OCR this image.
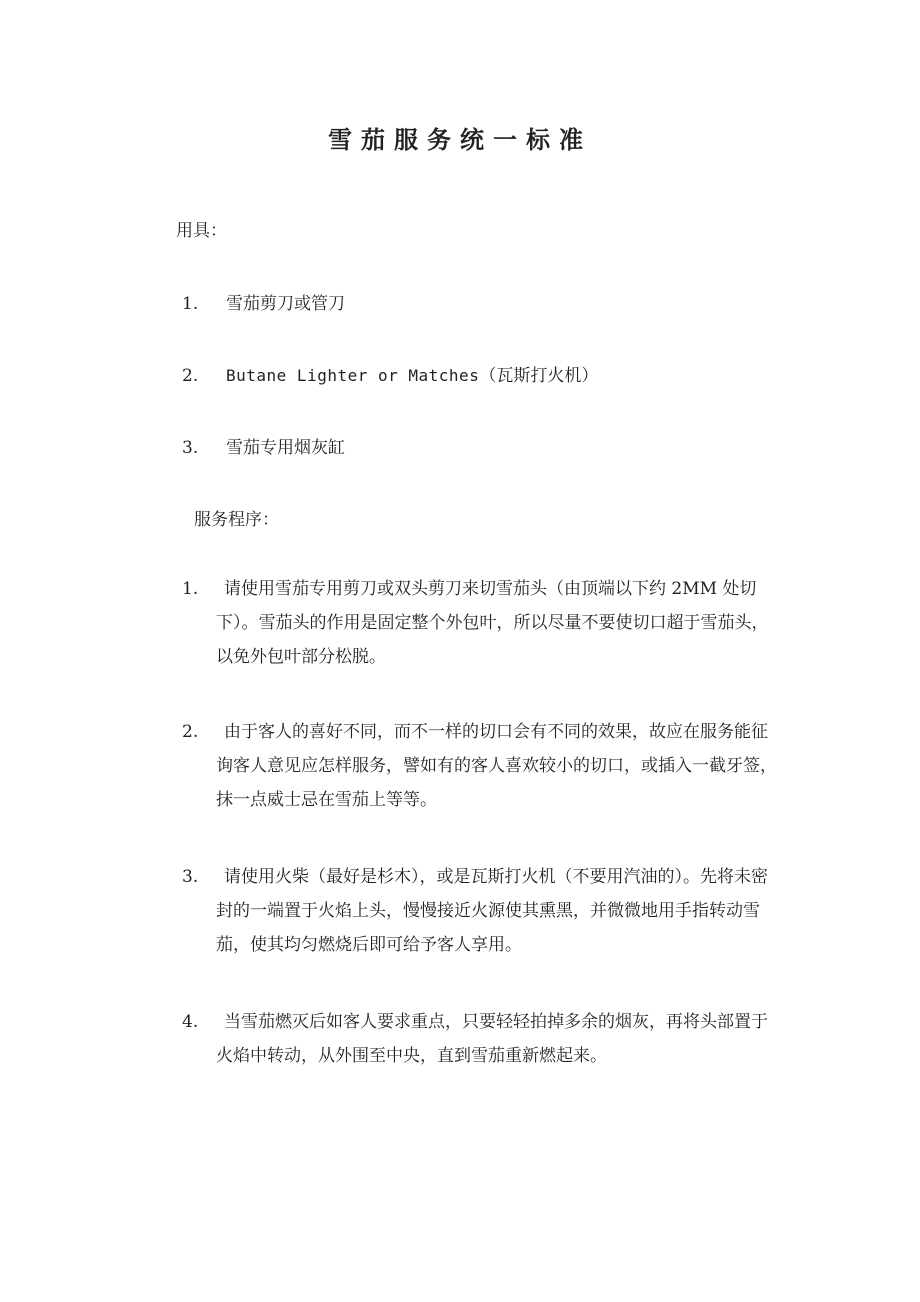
雪茄服务统一标准
用具：
1. 雪茄剪刀或管刀
2. Butane Lighter or Matches（瓦斯打火机）
3. 雪茄专用烟灰缸
服务程序：
1.	请使用雪茄专用剪刀或双头剪刀来切雪茄头（由顶端以下约 2MM 处切下）。雪茄头的作用是固定整个外包叶，所以尽量不要使切口超于雪茄头，以免外包叶部分松脱。
2.	由于客人的喜好不同，而不一样的切口会有不同的效果，故应在服务能征询客人意见应怎样服务，譬如有的客人喜欢较小的切口，或插入一截牙签，抹一点威士忌在雪茄上等等。
3.	请使用火柴（最好是杉木），或是瓦斯打火机（不要用汽油的）。先将未密封的一端置于火焰上头，慢慢接近火源使其熏黑，并微微地用手指转动雪茄，使其均匀燃烧后即可给予客人享用。
4.	当雪茄燃灭后如客人要求重点，只要轻轻拍掉多余的烟灰，再将头部置于火焰中转动，从外围至中央，直到雪茄重新燃起来。
